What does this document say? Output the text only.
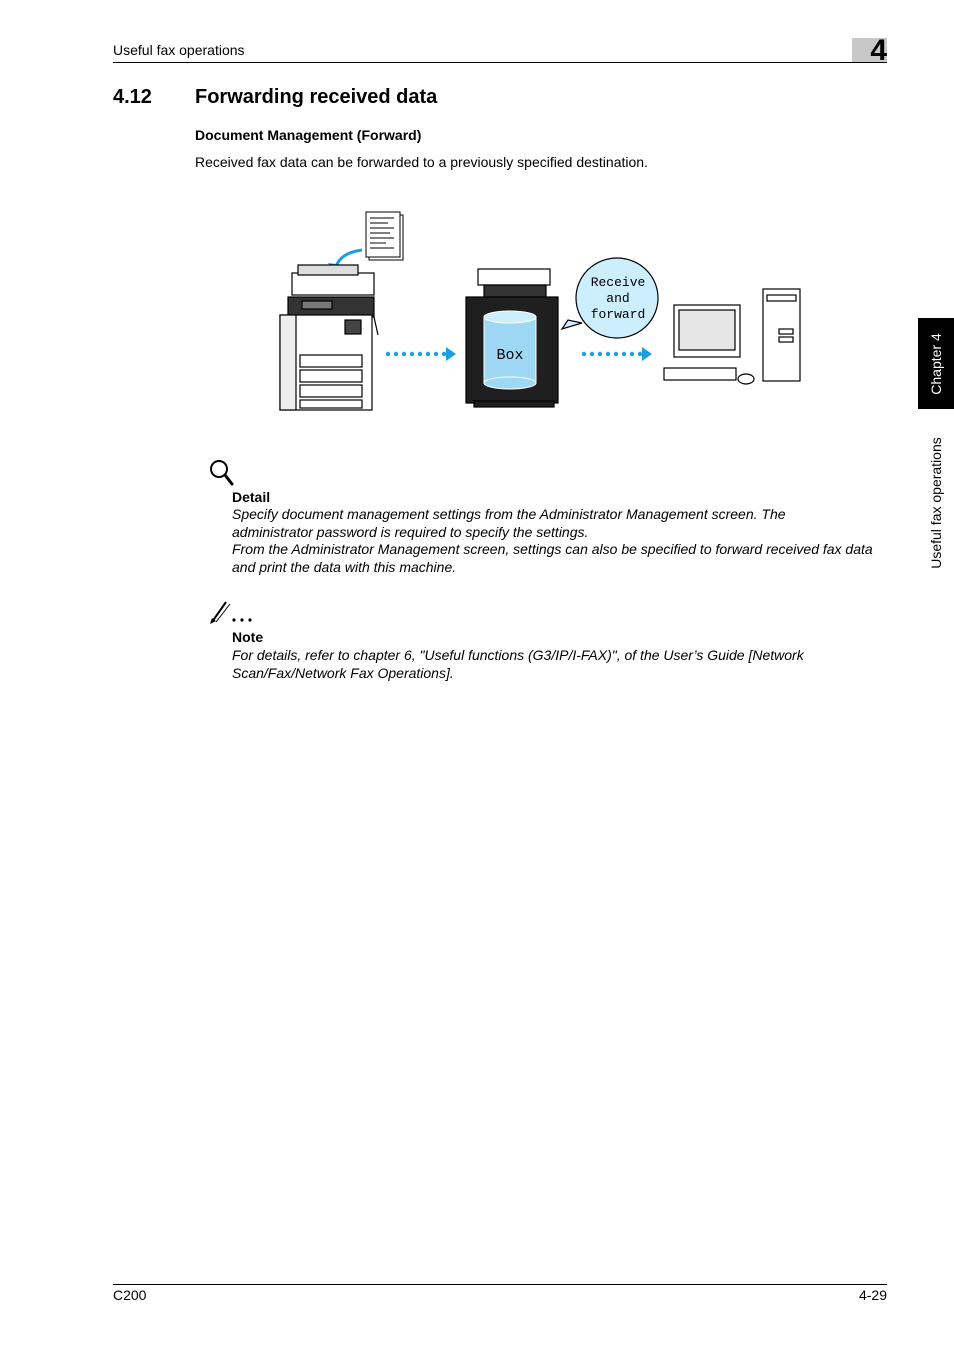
Useful fax operations	4
4.12 Forwarding received data
Document Management (Forward)
Received fax data can be forwarded to a previously specified destination.
Box
Receive
and
forward
Detail
Specify document management settings from the Administrator Management screen. The
administrator password is required to specify the settings.
From the Administrator Management screen, settings can also be specified to forward received fax data
and print the data with this machine.
Note
For details, refer to chapter 6, "Useful functions (G3/IP/I-FAX)", of the User’s Guide [Network
Scan/Fax/Network Fax Operations].
Chapter 4
Useful fax operations
C200	4-29
